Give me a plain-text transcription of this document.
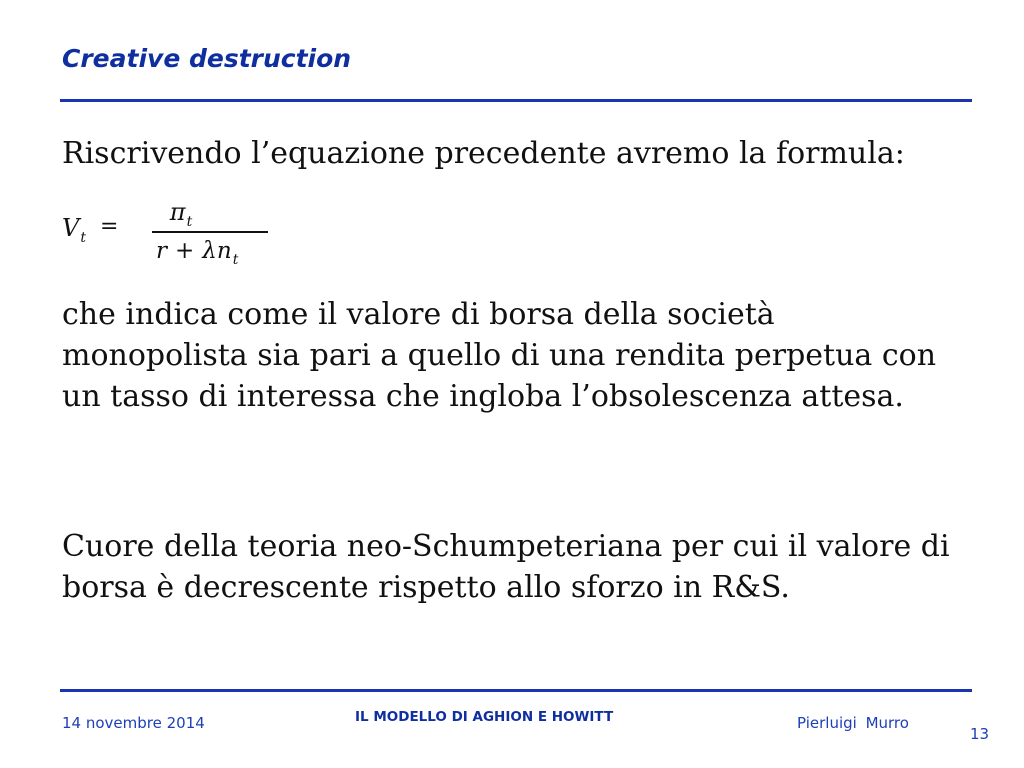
Creative destruction
Riscrivendo l’equazione precedente avremo la formula:
$V_t$ =
$\pi_t$
$r + \lambda n_t$
che indica come il valore di borsa della società monopolista sia pari a quello di una rendita perpetua con un tasso di interessa che ingloba l’obsolescenza attesa.
Cuore della teoria neo-Schumpeteriana per cui il valore di borsa è decrescente rispetto allo sforzo in R&S.
14 novembre 2014	IL MODELLO DI AGHION E HOWITT	Pierluigi Murro
13
